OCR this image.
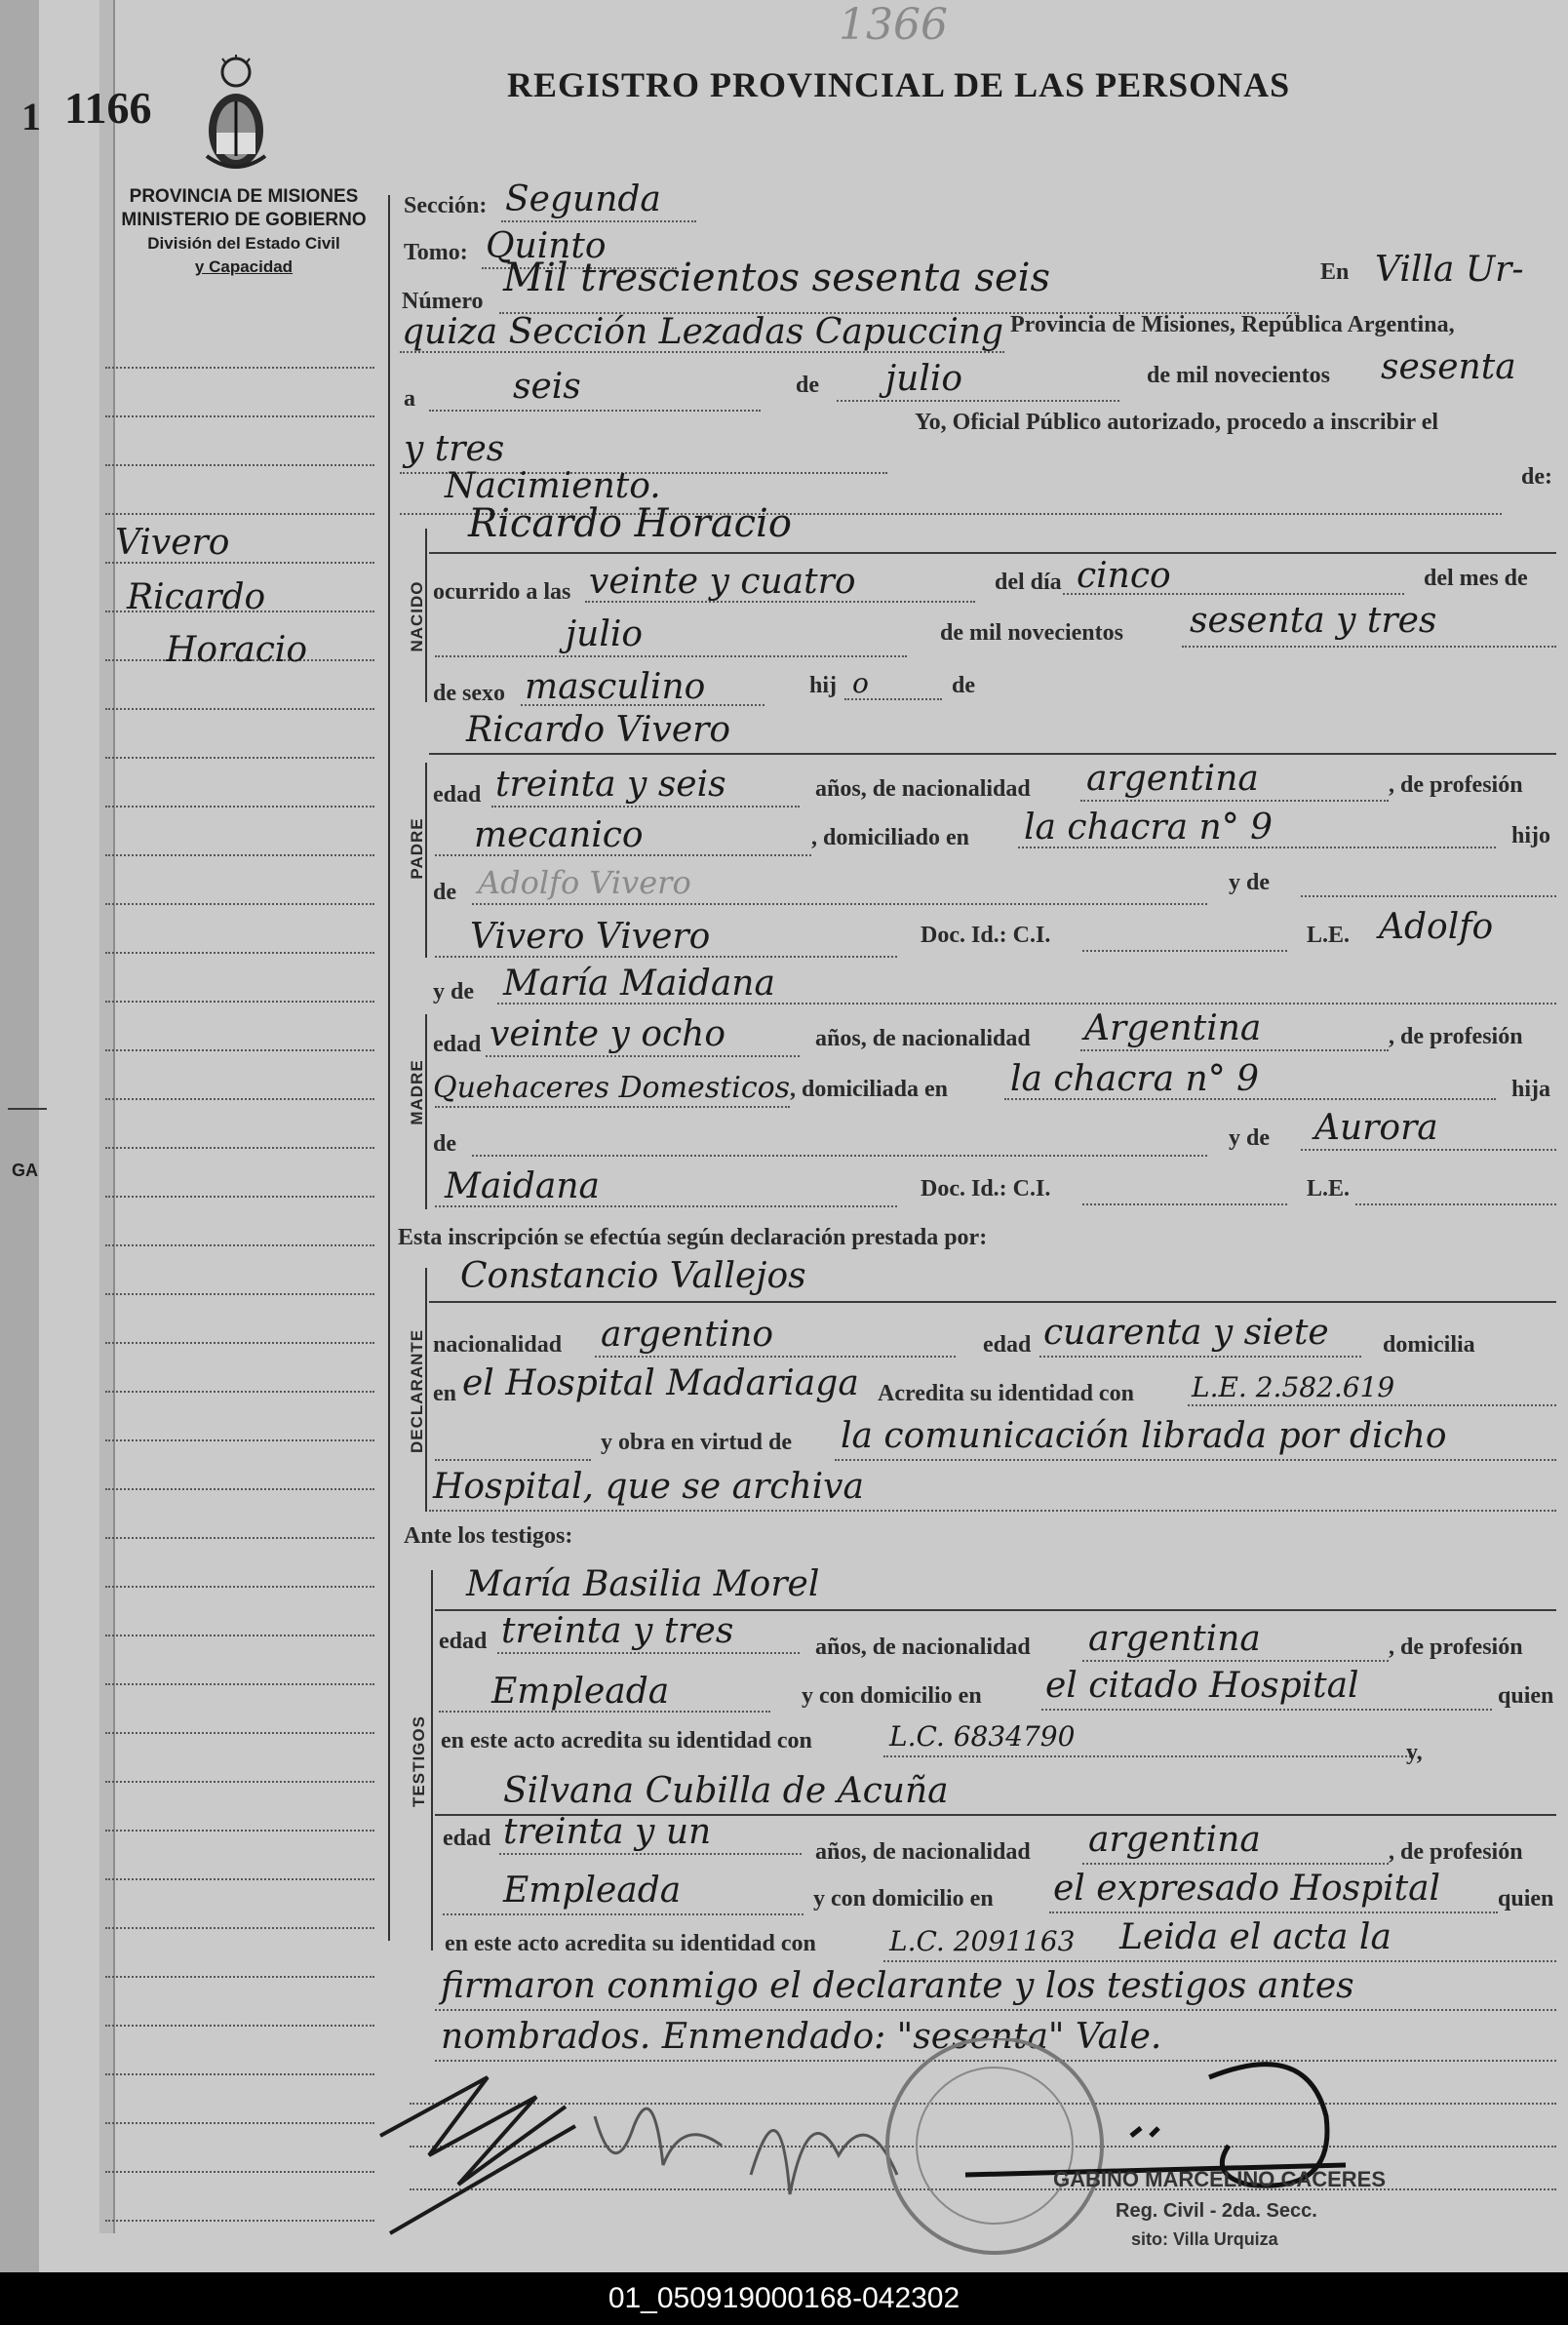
1 1166
1366
REGISTRO PROVINCIAL DE LAS PERSONAS
PROVINCIA DE MISIONES
MINISTERIO DE GOBIERNO
División del Estado Civil
y Capacidad
Vivero
Ricardo
Horacio
GA
Sección: Segunda
Tomo: Quinto
Número
Mil trescientos sesenta seis	En Villa Ur-
quiza Sección Lezadas Capuccing Provincia de Misiones, República Argentina,
a	seis	de julio	de mil novecientos sesenta
y tres
Yo, Oficial Público autorizado, procedo a inscribir el
Nacimiento.	de:
NACIDO
Ricardo Horacio
ocurrido a las veinte y cuatro	del día cinco	del mes de
julio	de mil novecientos sesenta y tres
de sexo masculino	hij o	de
Ricardo Vivero
PADRE
edad treinta y seis	años, de nacionalidad argentina	, de profesión
mecanico	, domiciliado en la chacra n° 9	hijo
de Adolfo Vivero	y de
Vivero Vivero	Doc. Id.: C.I.	L.E. Adolfo
y de María Maidana
MADRE
edad veinte y ocho	años, de nacionalidad Argentina	, de profesión
Quehaceres Domesticos , domiciliada en la chacra n° 9	hija
de	y de Aurora
Maidana	Doc. Id.: C.I.	L.E.
Esta inscripción se efectúa según declaración prestada por:
DECLARANTE
Constancio Vallejos
nacionalidad argentino	edad cuarenta y siete domicilia
en el Hospital Madariaga Acredita su identidad con L.E. 2.582.619
y obra en virtud de la comunicación librada por dicho
Hospital, que se archiva
Ante los testigos:
TESTIGOS
María Basilia Morel
edad treinta y tres	años, de nacionalidad argentina	, de profesión
Empleada	y con domicilio en el citado Hospital	quien
en este acto acredita su identidad con	L.C. 6834790	y,
Silvana Cubilla de Acuña
edad treinta y un	años, de nacionalidad argentina	, de profesión
Empleada	y con domicilio en el expresado Hospital quien
en este acto acredita su identidad con	L.C. 2091163 Leida el acta la
firmaron conmigo el declarante y los testigos antes
nombrados. Enmendado: "sesenta" Vale.
GABINO MARCELINO CACERES
Reg. Civil - 2da. Secc.
sito: Villa Urquiza
01_050919000168-042302
